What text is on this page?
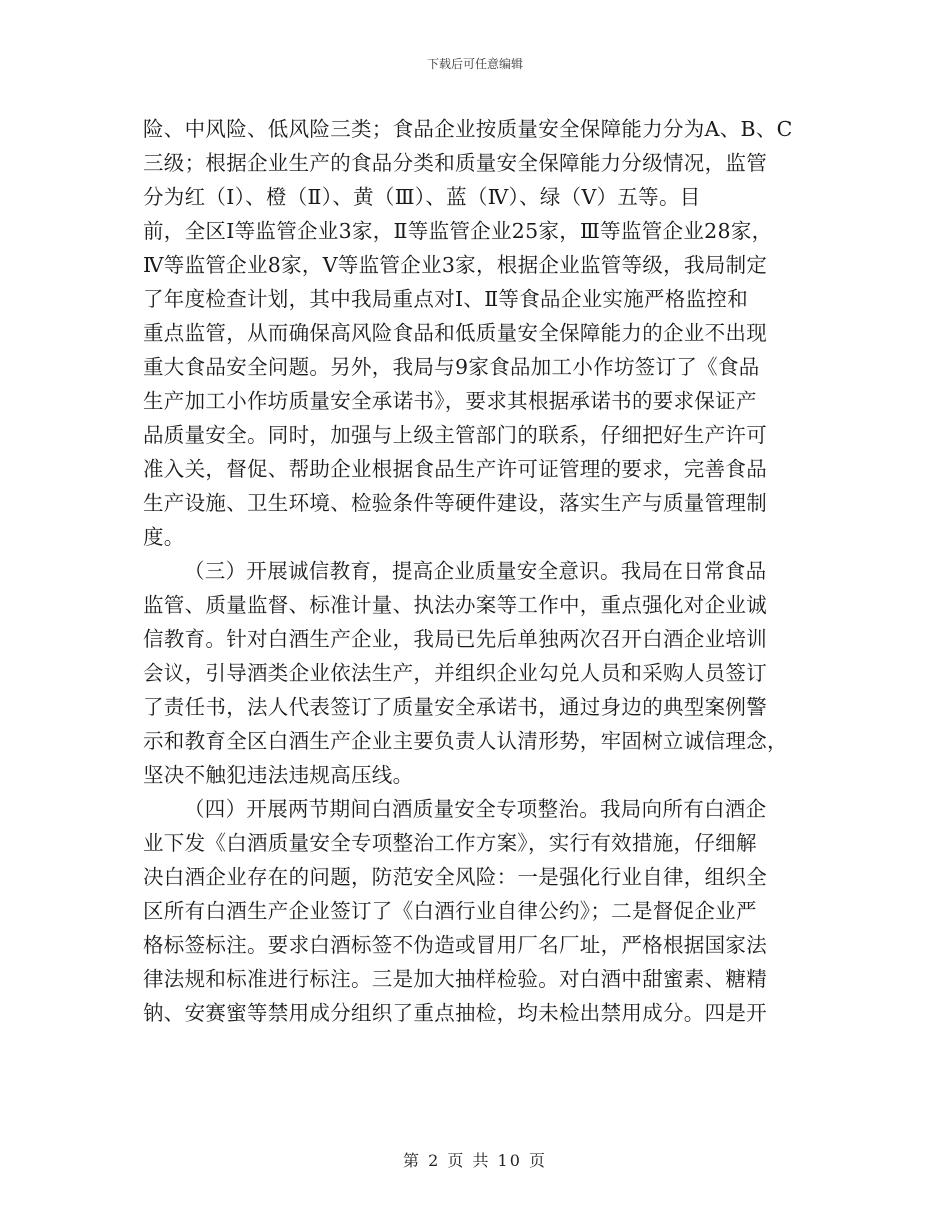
下载后可任意编辑
险、中风险、低风险三类；食品企业按质量安全保障能力分为A、B、C
三级；根据企业生产的食品分类和质量安全保障能力分级情况，监管
分为红（Ⅰ）、橙（Ⅱ）、黄（Ⅲ）、蓝（Ⅳ）、绿（Ⅴ）五等。目
前，全区Ⅰ等监管企业3家，Ⅱ等监管企业25家，Ⅲ等监管企业28家，
Ⅳ等监管企业8家，Ⅴ等监管企业3家，根据企业监管等级，我局制定
了年度检查计划，其中我局重点对Ⅰ、Ⅱ等食品企业实施严格监控和
重点监管，从而确保高风险食品和低质量安全保障能力的企业不出现
重大食品安全问题。另外，我局与9家食品加工小作坊签订了《食品
生产加工小作坊质量安全承诺书》，要求其根据承诺书的要求保证产
品质量安全。同时，加强与上级主管部门的联系，仔细把好生产许可
准入关，督促、帮助企业根据食品生产许可证管理的要求，完善食品
生产设施、卫生环境、检验条件等硬件建设，落实生产与质量管理制
度。
（三）开展诚信教育，提高企业质量安全意识。我局在日常食品
监管、质量监督、标准计量、执法办案等工作中，重点强化对企业诚
信教育。针对白酒生产企业，我局已先后单独两次召开白酒企业培训
会议，引导酒类企业依法生产，并组织企业勾兑人员和采购人员签订
了责任书，法人代表签订了质量安全承诺书，通过身边的典型案例警
示和教育全区白酒生产企业主要负责人认清形势，牢固树立诚信理念，
坚决不触犯违法违规高压线。
（四）开展两节期间白酒质量安全专项整治。我局向所有白酒企
业下发《白酒质量安全专项整治工作方案》，实行有效措施，仔细解
决白酒企业存在的问题，防范安全风险：一是强化行业自律，组织全
区所有白酒生产企业签订了《白酒行业自律公约》；二是督促企业严
格标签标注。要求白酒标签不伪造或冒用厂名厂址，严格根据国家法
律法规和标准进行标注。三是加大抽样检验。对白酒中甜蜜素、糖精
钠、安赛蜜等禁用成分组织了重点抽检，均未检出禁用成分。四是开
第 2 页 共 10 页
